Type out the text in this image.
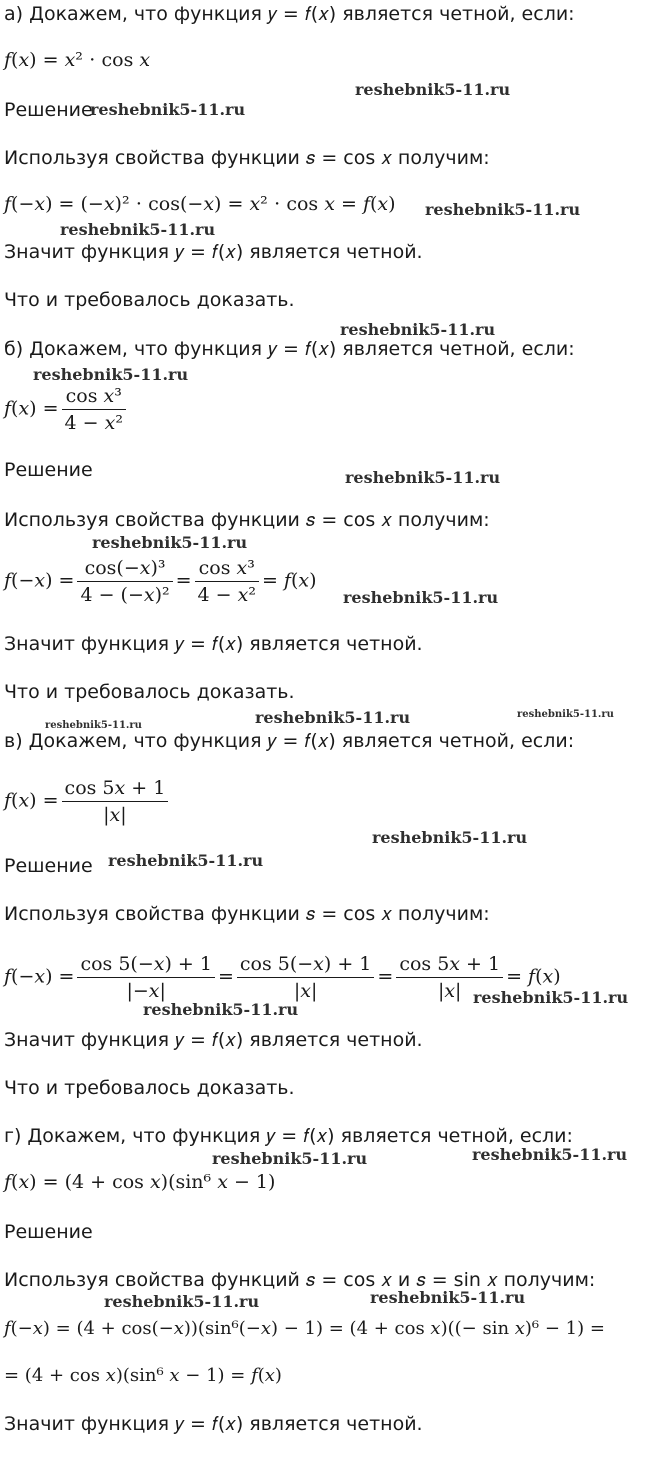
а) Докажем, что функция 𝑦 = 𝑓(𝑥) является четной, если:
𝑓(𝑥) = 𝑥² ⋅ cos 𝑥
Решение
Используя свойства функции 𝑠 = cos 𝑥 получим:
𝑓(−𝑥) = (−𝑥)² ⋅ cos(−𝑥) = 𝑥² ⋅ cos 𝑥 = 𝑓(𝑥)
Значит функция 𝑦 = 𝑓(𝑥) является четной.
Что и требовалось доказать.
б) Докажем, что функция 𝑦 = 𝑓(𝑥) является четной, если:
𝑓(𝑥) = $\frac{\text{cos 𝑥³}}{\text{4 − 𝑥²}}$
Решение
Используя свойства функции 𝑠 = cos 𝑥 получим:
𝑓(−𝑥) = $\frac{\text{cos(−𝑥)³}}{\text{4 − (−𝑥)²}} = \frac{\text{cos 𝑥³}}{\text{4 − 𝑥²}}$ = 𝑓(𝑥)
Значит функция 𝑦 = 𝑓(𝑥) является четной.
Что и требовалось доказать.
в) Докажем, что функция 𝑦 = 𝑓(𝑥) является четной, если:
𝑓(𝑥) = $\frac{\text{cos 5𝑥 + 1}}{\text{|𝑥|}}$
Решение
Используя свойства функции 𝑠 = cos 𝑥 получим:
𝑓(−𝑥) = $\frac{\text{cos 5(−𝑥) + 1}}{\text{|−𝑥|}} = \frac{\text{cos 5(−𝑥) + 1}}{\text{|𝑥|}} = \frac{\text{cos 5𝑥 + 1}}{\text{|𝑥|}}$ = 𝑓(𝑥)
Значит функция 𝑦 = 𝑓(𝑥) является четной.
Что и требовалось доказать.
г) Докажем, что функция 𝑦 = 𝑓(𝑥) является четной, если:
𝑓(𝑥) = (4 + cos 𝑥)(sin⁶ 𝑥 − 1)
Решение
Используя свойства функций 𝑠 = cos 𝑥 и 𝑠 = sin 𝑥 получим:
𝑓(−𝑥) = (4 + cos(−𝑥))(sin⁶(−𝑥) − 1) = (4 + cos 𝑥)((− sin 𝑥)⁶ − 1) =
= (4 + cos 𝑥)(sin⁶ 𝑥 − 1) = 𝑓(𝑥)
Значит функция 𝑦 = 𝑓(𝑥) является четной.
reshebnik5-11.ru
reshebnik5-11.ru
reshebnik5-11.ru
reshebnik5-11.ru
reshebnik5-11.ru
reshebnik5-11.ru
reshebnik5-11.ru
reshebnik5-11.ru
reshebnik5-11.ru
reshebnik5-11.ru	reshebnik5-11.ru	reshebnik5-11.ru
reshebnik5-11.ru
reshebnik5-11.ru
reshebnik5-11.ru
reshebnik5-11.ru
reshebnik5-11.ru	reshebnik5-11.ru
reshebnik5-11.ru	reshebnik5-11.ru
